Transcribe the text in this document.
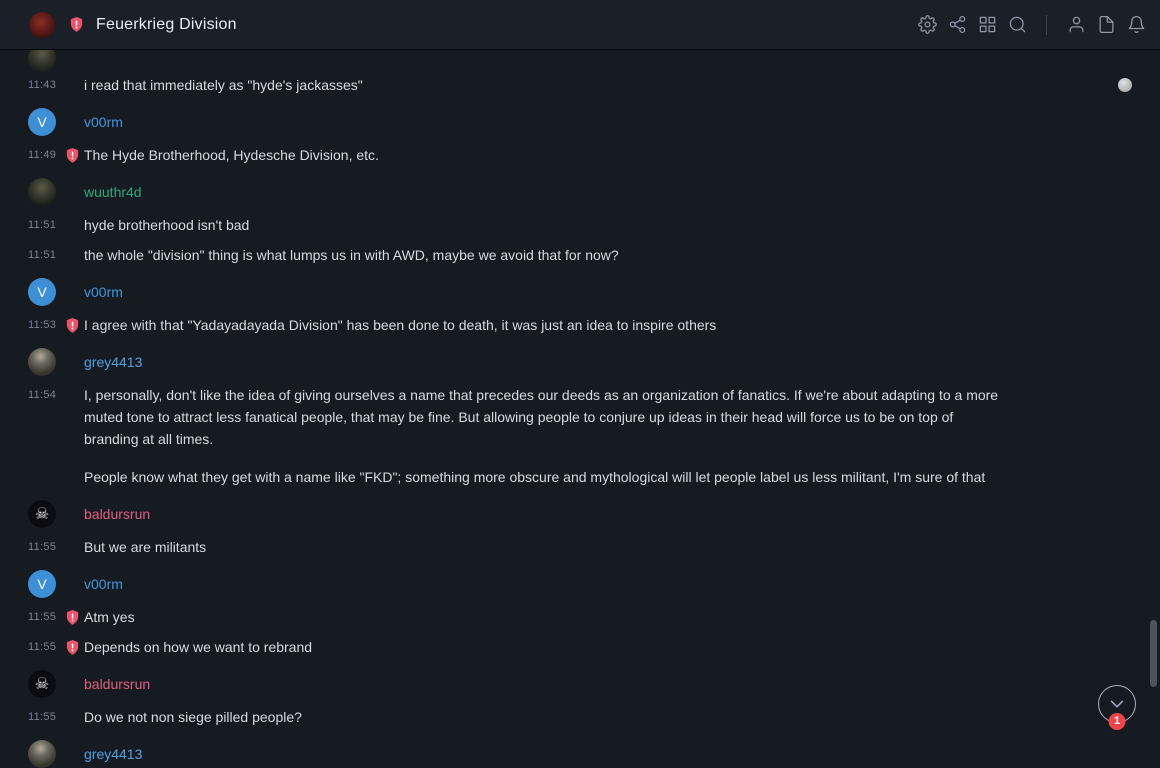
Feuerkrieg Division
11:43 i read that immediately as "hyde's jackasses"
V	v00rm
11:49 The Hyde Brotherhood, Hydesche Division, etc.
wuuthr4d
11:51 hyde brotherhood isn't bad
11:51 the whole "division" thing is what lumps us in with AWD, maybe we avoid that for now?
V	v00rm
11:53 I agree with that "Yadayadayada Division" has been done to death, it was just an idea to inspire others
grey4413
11:54 I, personally, don't like the idea of giving ourselves a name that precedes our deeds as an organization of fanatics. If we're about adapting to a more muted tone to attract less fanatical people, that may be fine. But allowing people to conjure up ideas in their head will force us to be on top of branding at all times.

People know what they get with a name like "FKD"; something more obscure and mythological will let people label us less militant, I'm sure of that

☠	baldursrun
11:55 But we are militants
V	v00rm
11:55 Atm yes
11:55 Depends on how we want to rebrand
☠	baldursrun
11:55 Do we not non siege pilled people?
grey4413
1
